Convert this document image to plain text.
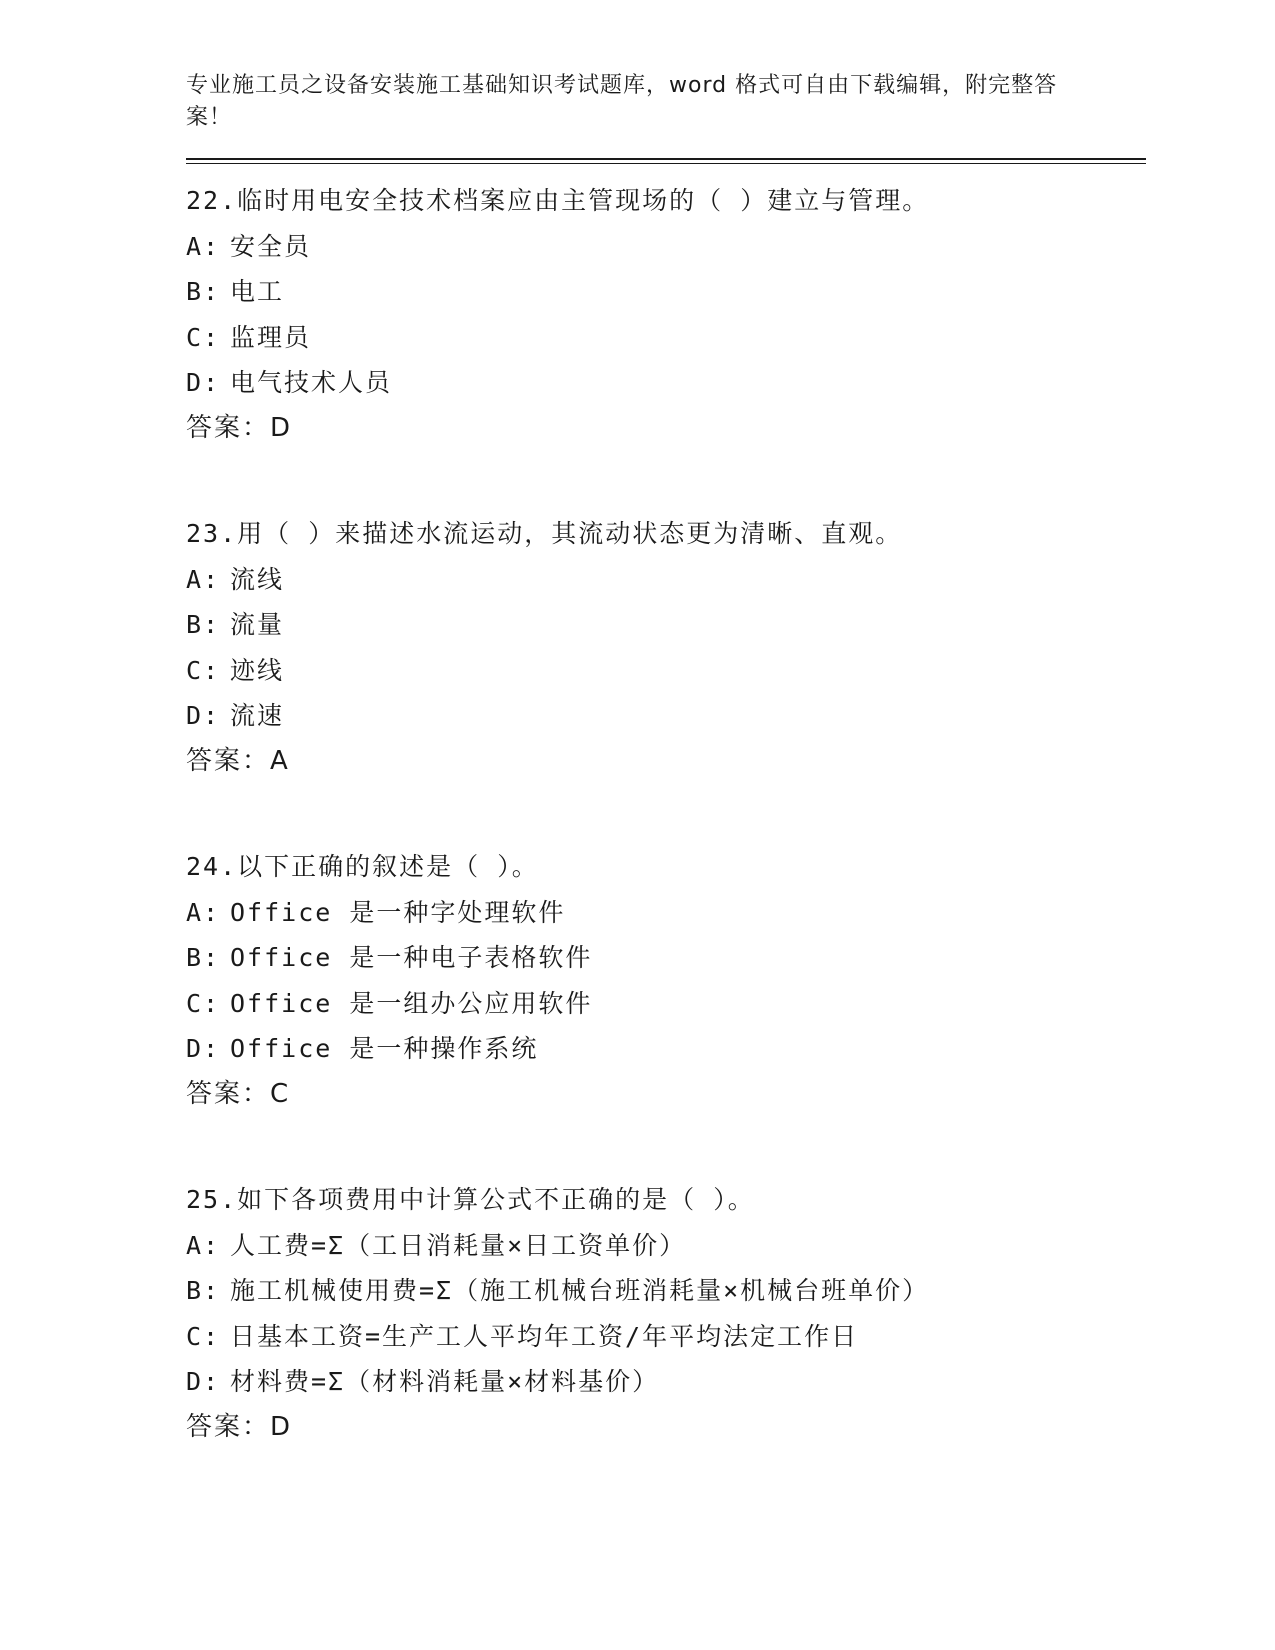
专业施工员之设备安装施工基础知识考试题库，word 格式可自由下载编辑，附完整答案！
22.临时用电安全技术档案应由主管现场的（ ）建立与管理。
A: 安全员
B: 电工
C: 监理员
D: 电气技术人员
答案：D
23.用（ ）来描述水流运动，其流动状态更为清晰、直观。
A: 流线
B: 流量
C: 迹线
D: 流速
答案：A
24.以下正确的叙述是（ ）。
A: Office 是一种字处理软件
B: Office 是一种电子表格软件
C: Office 是一组办公应用软件
D: Office 是一种操作系统
答案：C
25.如下各项费用中计算公式不正确的是（ ）。
A: 人工费=Σ（工日消耗量×日工资单价）
B: 施工机械使用费=Σ（施工机械台班消耗量×机械台班单价）
C: 日基本工资=生产工人平均年工资/年平均法定工作日
D: 材料费=Σ（材料消耗量×材料基价）
答案：D
